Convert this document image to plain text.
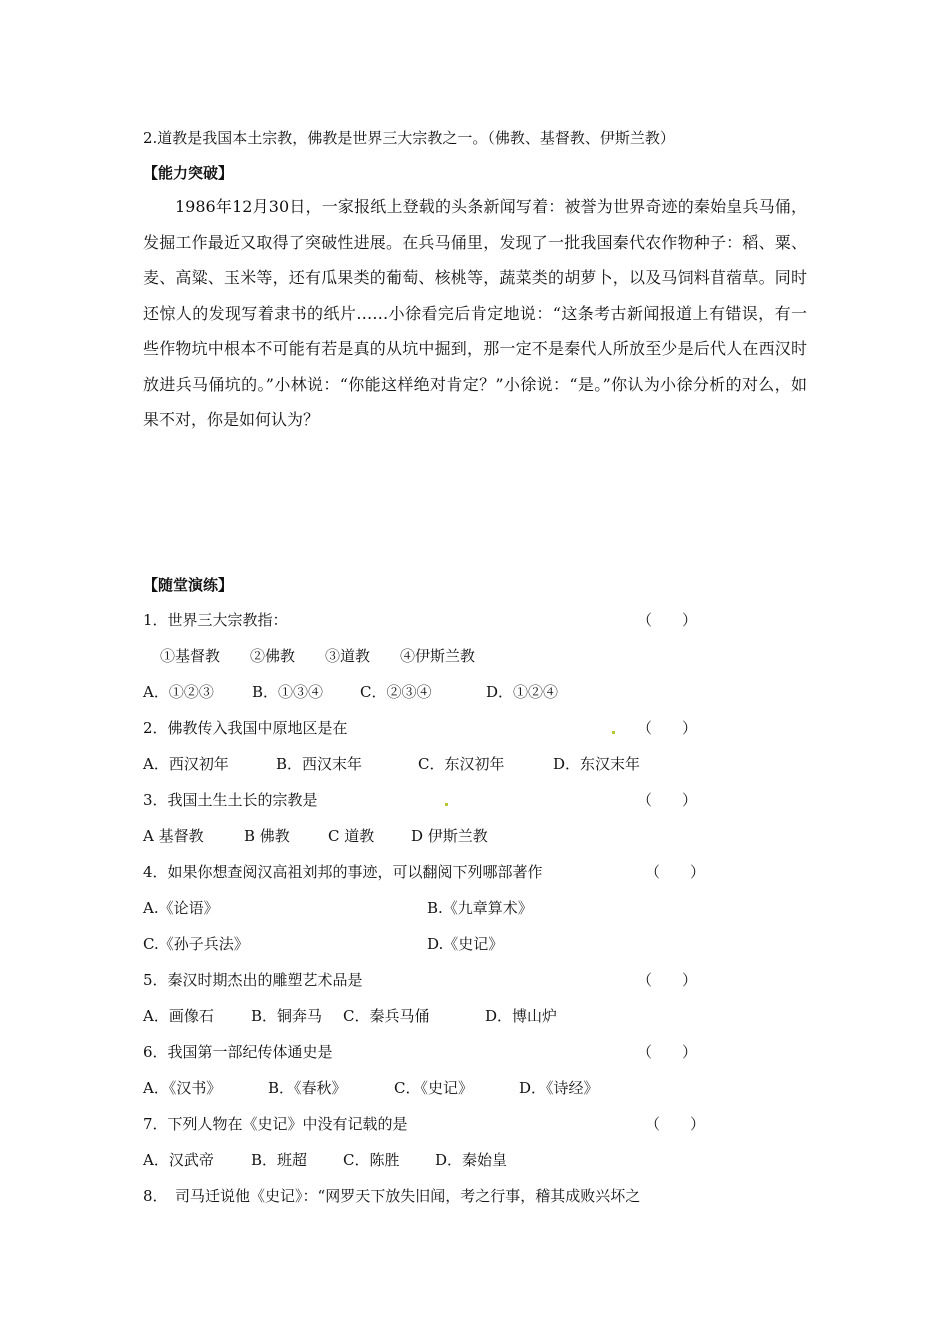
2.道教是我国本土宗教，佛教是世界三大宗教之一。（佛教、基督教、伊斯兰教）
【能力突破】
1986年12月30日，一家报纸上登载的头条新闻写着：被誉为世界奇迹的秦始皇兵马俑，发掘工作最近又取得了突破性进展。在兵马俑里，发现了一批我国秦代农作物种子：稻、粟、麦、高粱、玉米等，还有瓜果类的葡萄、核桃等，蔬菜类的胡萝卜，以及马饲料苜蓿草。同时还惊人的发现写着隶书的纸片……小徐看完后肯定地说：“这条考古新闻报道上有错误，有一些作物坑中根本不可能有若是真的从坑中掘到，那一定不是秦代人所放至少是后代人在西汉时放进兵马俑坑的。”小林说：“你能这样绝对肯定？”小徐说：“是。”你认为小徐分析的对么，如果不对，你是如何认为？
【随堂演练】
1．世界三大宗教指：	（　　）
①基督教　　②佛教　　③道教　　④伊斯兰教
A．①②③	B．①③④ C．②③④	D．①②④
2．佛教传入我国中原地区是在	（　　）
A．西汉初年	B．西汉末年	C．东汉初年	D．东汉末年
3．我国土生土长的宗教是	（　　）
A 基督教	B 佛教	C 道教 D 伊斯兰教
4．如果你想查阅汉高祖刘邦的事迹，可以翻阅下列哪部著作	（　　）
A.《论语》	B.《九章算术》
C.《孙子兵法》	D.《史记》
5．秦汉时期杰出的雕塑艺术品是	（　　）
A．画像石 B．铜奔马 C．秦兵马俑	D．博山炉
6．我国第一部纪传体通史是	（　　）
A．《汉书》	B．《春秋》	C．《史记》	D．《诗经》
7．下列人物在《史记》中没有记载的是	（　　）
A．汉武帝 B．班超 C．陈胜 D．秦始皇
8．　司马迁说他《史记》：“网罗天下放失旧闻，考之行事，稽其成败兴坏之
